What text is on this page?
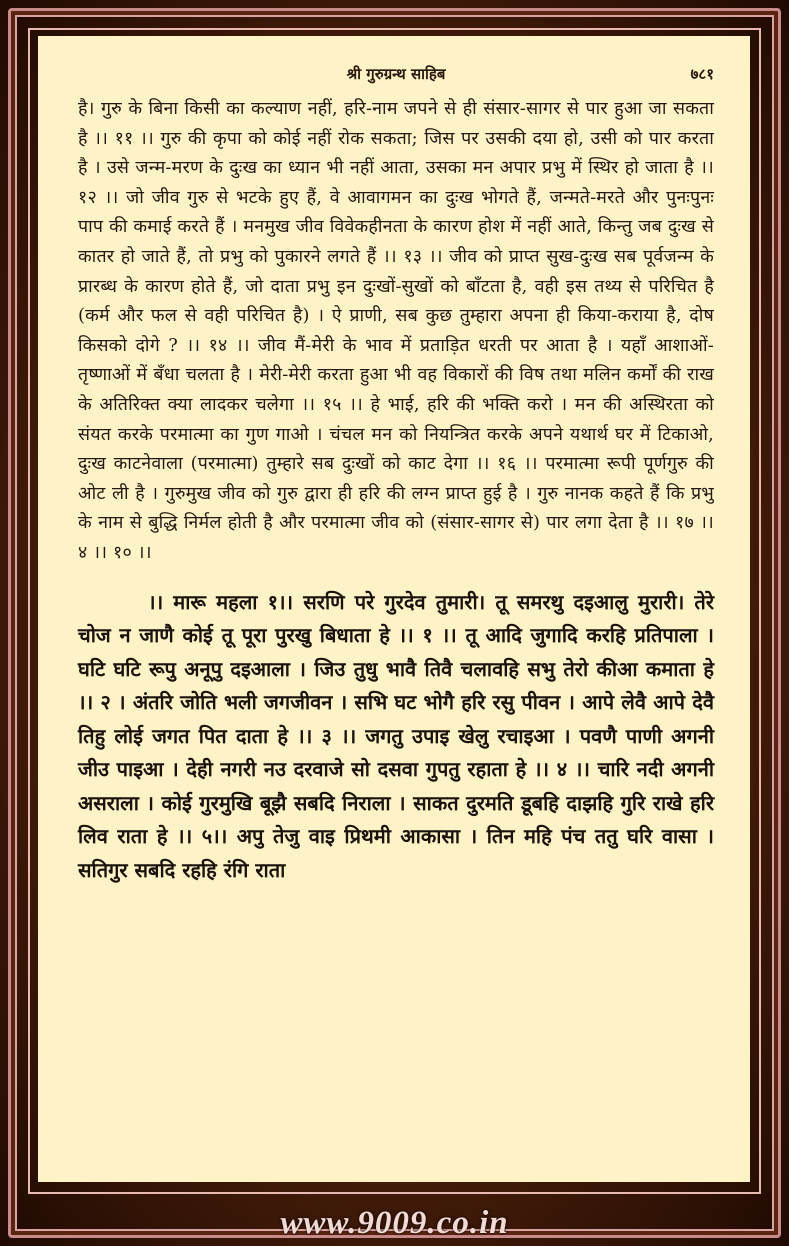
श्री गुरुग्रन्थ साहिब	७८१

है। गुरु के बिना किसी का कल्याण नहीं, हरि-नाम जपने से ही संसार-सागर से पार हुआ जा सकता है ।। ११ ।। गुरु की कृपा को कोई नहीं रोक सकता; जिस पर उसकी दया हो, उसी को पार करता है । उसे जन्म-मरण के दुःख का ध्यान भी नहीं आता, उसका मन अपार प्रभु में स्थिर हो जाता है ।। १२ ।। जो जीव गुरु से भटके हुए हैं, वे आवागमन का दुःख भोगते हैं, जन्मते-मरते और पुनःपुनः पाप की कमाई करते हैं । मनमुख जीव विवेकहीनता के कारण होश में नहीं आते, किन्तु जब दुःख से कातर हो जाते हैं, तो प्रभु को पुकारने लगते हैं ।। १३ ।। जीव को प्राप्त सुख-दुःख सब पूर्वजन्म के प्रारब्ध के कारण होते हैं, जो दाता प्रभु इन दुःखों-सुखों को बाँटता है, वही इस तथ्य से परिचित है (कर्म और फल से वही परिचित है) । ऐ प्राणी, सब कुछ तुम्हारा अपना ही किया-कराया है, दोष किसको दोगे ? ।। १४ ।। जीव मैं-मेरी के भाव में प्रताड़ित धरती पर आता है । यहाँ आशाओं-तृष्णाओं में बँधा चलता है । मेरी-मेरी करता हुआ भी वह विकारों की विष तथा मलिन कर्मों की राख के अतिरिक्त क्या लादकर चलेगा ।। १५ ।। हे भाई, हरि की भक्ति करो । मन की अस्थिरता को संयत करके परमात्मा का गुण गाओ । चंचल मन को नियन्त्रित करके अपने यथार्थ घर में टिकाओ, दुःख काटनेवाला (परमात्मा) तुम्हारे सब दुःखों को काट देगा ।। १६ ।। परमात्मा रूपी पूर्णगुरु की ओट ली है । गुरुमुख जीव को गुरु द्वारा ही हरि की लग्न प्राप्त हुई है । गुरु नानक कहते हैं कि प्रभु के नाम से बुद्धि निर्मल होती है और परमात्मा जीव को (संसार-सागर से) पार लगा देता है ।। १७ ।। ४ ।। १० ।।

।। मारू महला १।। सरणि परे गुरदेव तुमारी। तू समरथु दइआलु मुरारी। तेरे चोज न जाणै कोई तू पूरा पुरखु बिधाता हे ।। १ ।। तू आदि जुगादि करहि प्रतिपाला । घटि घटि रूपु अनूपु दइआला । जिउ तुधु भावै तिवै चलावहि सभु तेरो कीआ कमाता हे ।। २ । अंतरि जोति भली जगजीवन । सभि घट भोगै हरि रसु पीवन । आपे लेवै आपे देवै तिहु लोई जगत पित दाता हे ।। ३ ।। जगतु उपाइ खेलु रचाइआ । पवणै पाणी अगनी जीउ पाइआ । देही नगरी नउ दरवाजे सो दसवा गुपतु रहाता हे ।। ४ ।। चारि नदी अगनी असराला । कोई गुरमुखि बूझै सबदि निराला । साकत दुरमति डूबहि दाझहि गुरि राखे हरि लिव राता हे ।। ५।। अपु तेजु वाइ प्रिथमी आकासा । तिन महि पंच ततु घरि वासा । सतिगुर सबदि रहहि रंगि राता

www.9009.co.in
